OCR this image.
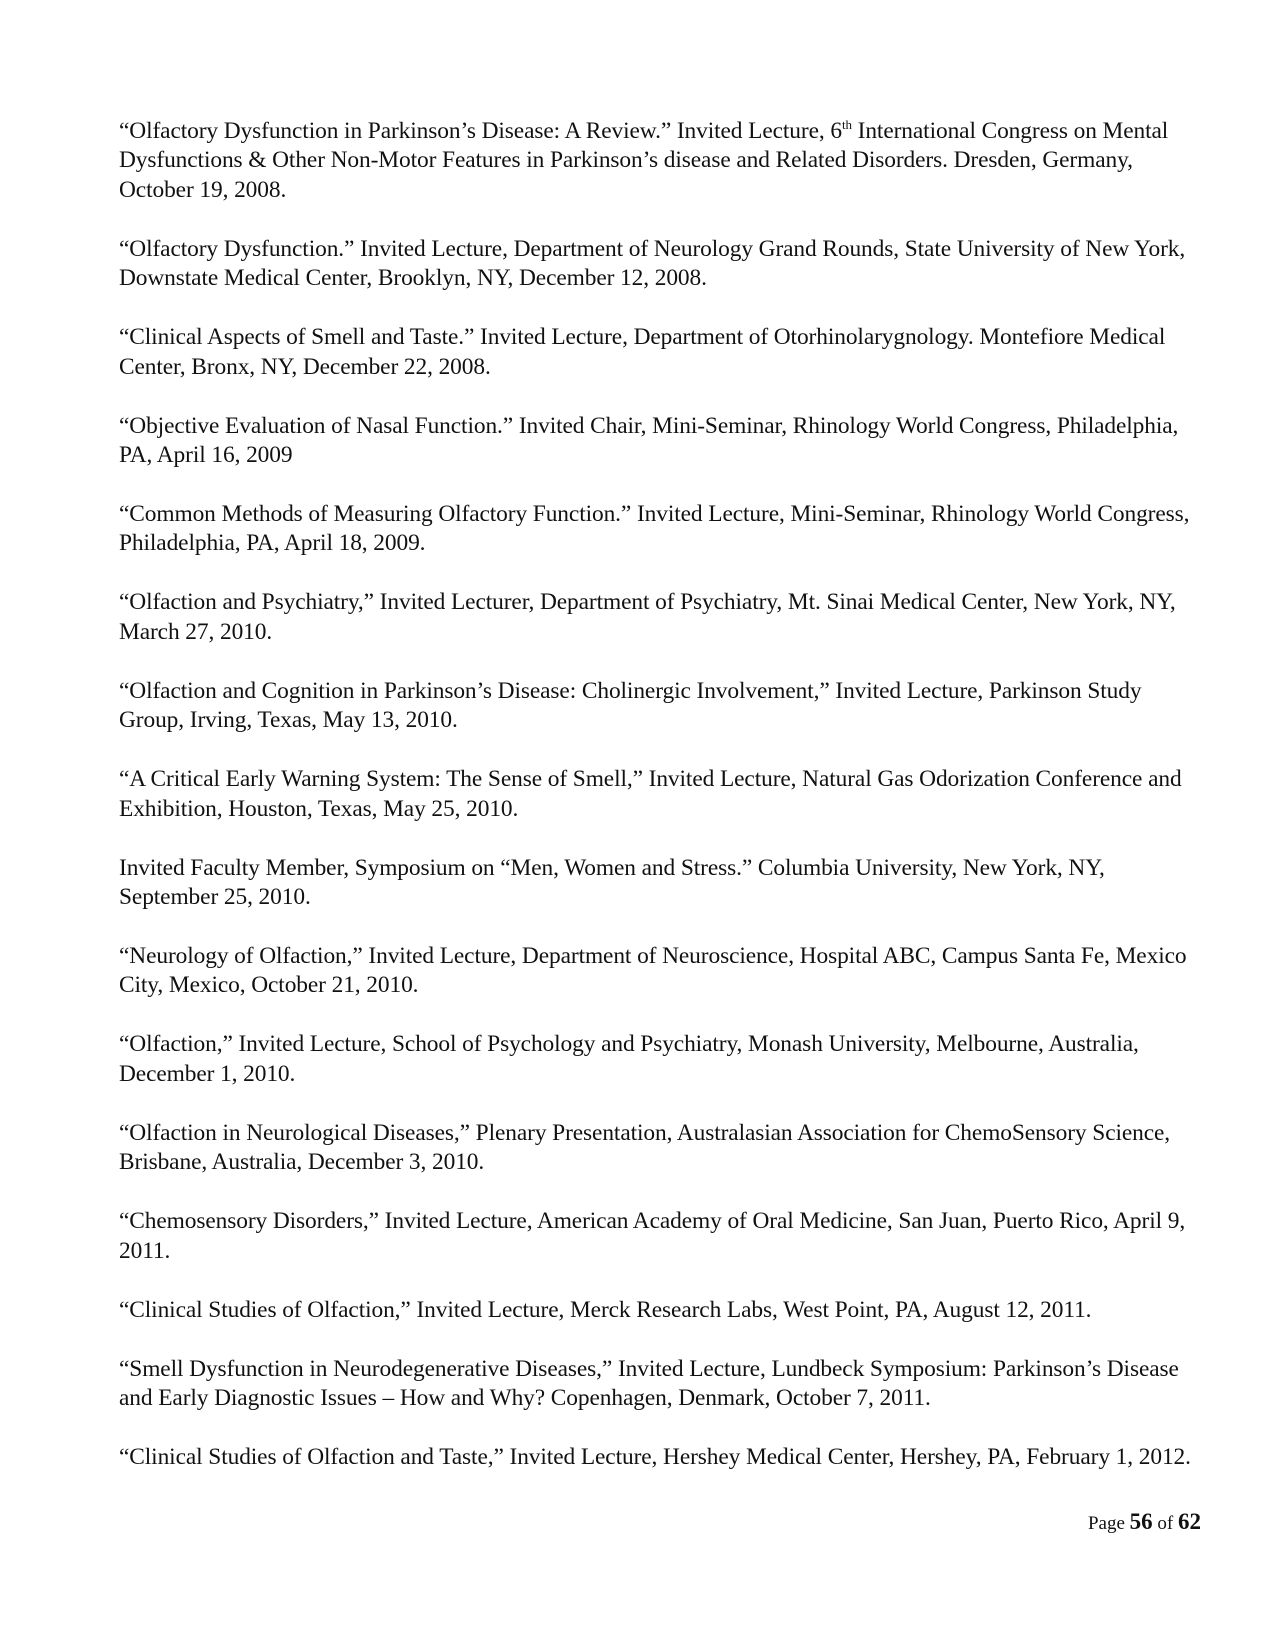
“Olfactory Dysfunction in Parkinson’s Disease: A Review.” Invited Lecture, 6th International Congress on Mental Dysfunctions & Other Non-Motor Features in Parkinson’s disease and Related Disorders. Dresden, Germany, October 19, 2008.

“Olfactory Dysfunction.” Invited Lecture, Department of Neurology Grand Rounds, State University of New York, Downstate Medical Center, Brooklyn, NY, December 12, 2008.

“Clinical Aspects of Smell and Taste.” Invited Lecture, Department of Otorhinolarygnology. Montefiore Medical Center, Bronx, NY, December 22, 2008.

“Objective Evaluation of Nasal Function.” Invited Chair, Mini-Seminar, Rhinology World Congress, Philadelphia, PA, April 16, 2009

“Common Methods of Measuring Olfactory Function.” Invited Lecture, Mini-Seminar, Rhinology World Congress, Philadelphia, PA, April 18, 2009.

“Olfaction and Psychiatry,” Invited Lecturer, Department of Psychiatry, Mt. Sinai Medical Center, New York, NY, March 27, 2010.

“Olfaction and Cognition in Parkinson’s Disease: Cholinergic Involvement,” Invited Lecture, Parkinson Study Group, Irving, Texas, May 13, 2010.

“A Critical Early Warning System: The Sense of Smell,” Invited Lecture, Natural Gas Odorization Conference and Exhibition, Houston, Texas, May 25, 2010.

Invited Faculty Member, Symposium on “Men, Women and Stress.” Columbia University, New York, NY, September 25, 2010.

“Neurology of Olfaction,” Invited Lecture, Department of Neuroscience, Hospital ABC, Campus Santa Fe, Mexico City, Mexico, October 21, 2010.

“Olfaction,” Invited Lecture, School of Psychology and Psychiatry, Monash University, Melbourne, Australia, December 1, 2010.

“Olfaction in Neurological Diseases,” Plenary Presentation, Australasian Association for ChemoSensory Science, Brisbane, Australia, December 3, 2010.

“Chemosensory Disorders,” Invited Lecture, American Academy of Oral Medicine, San Juan, Puerto Rico, April 9, 2011.

“Clinical Studies of Olfaction,” Invited Lecture, Merck Research Labs, West Point, PA, August 12, 2011.

“Smell Dysfunction in Neurodegenerative Diseases,” Invited Lecture, Lundbeck Symposium: Parkinson’s Disease and Early Diagnostic Issues – How and Why? Copenhagen, Denmark, October 7, 2011.

“Clinical Studies of Olfaction and Taste,” Invited Lecture, Hershey Medical Center, Hershey, PA, February 1, 2012.

Page 56 of 62
